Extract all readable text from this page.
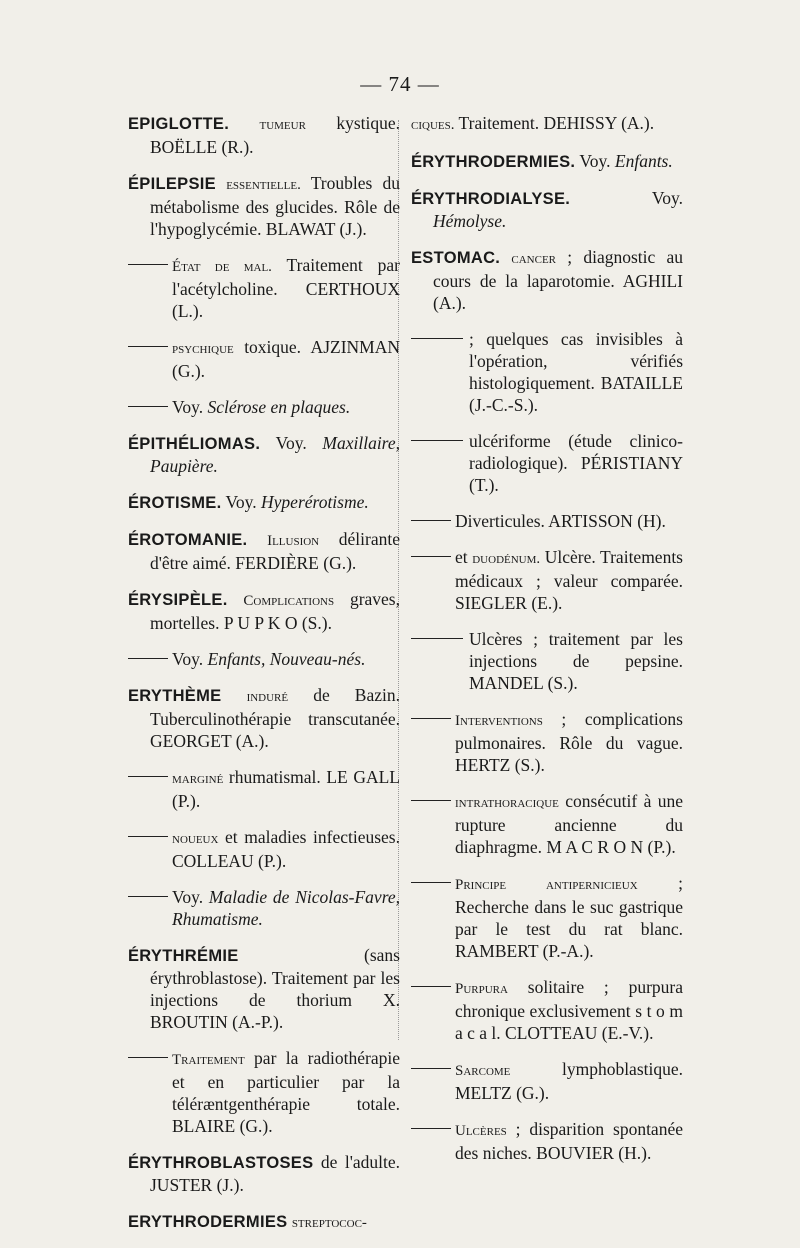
— 74 —
EPIGLOTTE. tumeur kystique. BOËLLE (R.).
ÉPILEPSIE essentielle. Troubles du métabolisme des glucides. Rôle de l'hypoglycémie. BLAWAT (J.).
État de mal. Traitement par l'acétylcholine. CERTHOUX (L.).
psychique toxique. AJZINMAN (G.).
Voy. Sclérose en plaques.
ÉPITHÉLIOMAS. Voy. Maxillaire, Paupière.
ÉROTISME. Voy. Hyperérotisme.
ÉROTOMANIE. Illusion délirante d'être aimé. FERDIÈRE (G.).
ÉRYSIPÈLE. Complications graves, mortelles. P U P K O (S.).
Voy. Enfants, Nouveau-nés.
ERYTHÈME induré de Bazin. Tuberculinothérapie transcutanée. GEORGET (A.).
marginé rhumatismal. LE GALL (P.).
noueux et maladies infectieuses. COLLEAU (P.).
Voy. Maladie de Nicolas-Favre, Rhumatisme.
ÉRYTHRÉMIE (sans érythroblastose). Traitement par les injections de thorium X. BROUTIN (A.-P.).
Traitement par la radiothérapie et en particulier par la téléræntgenthérapie totale. BLAIRE (G.).
ÉRYTHROBLASTOSES de l'adulte. JUSTER (J.).
ERYTHRODERMIES streptococ-
ciques. Traitement. DEHISSY (A.).
ÉRYTHRODERMIES. Voy. Enfants.
ÉRYTHRODIALYSE. Voy. Hémolyse.
ESTOMAC. cancer ; diagnostic au cours de la laparotomie. AGHILI (A.).
; quelques cas invisibles à l'opération, vérifiés histologiquement. BATAILLE (J.-C.-S.).
ulcériforme (étude clinico-radiologique). PÉRISTIANY (T.).
Diverticules. ARTISSON (H).
et duodénum. Ulcère. Traitements médicaux ; valeur comparée. SIEGLER (E.).
Ulcères ; traitement par les injections de pepsine. MANDEL (S.).
Interventions ; complications pulmonaires. Rôle du vague. HERTZ (S.).
intrathoracique consécutif à une rupture ancienne du diaphragme. M A C R O N (P.).
Principe antipernicieux ; Recherche dans le suc gastrique par le test du rat blanc. RAMBERT (P.-A.).
Purpura solitaire ; purpura chronique exclusivement s t o m a c a l. CLOTTEAU (E.-V.).
Sarcome lymphoblastique. MELTZ (G.).
Ulcères ; disparition spontanée des niches. BOUVIER (H.).
